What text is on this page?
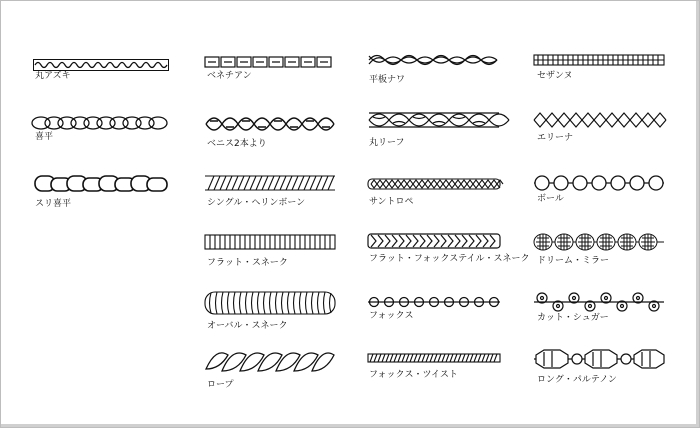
丸アズキ
喜平
スリ喜平
ベネチアン
ベニス2本より
シングル・ヘリンボーン
フラット・スネーク
オーバル・スネーク
ロープ
平板ナワ
丸リーフ
サントロペ
フラット・フォックステイル・スネーク
フォックス
フォックス・ツイスト
セザンヌ
エリーナ
ボール
ドリーム・ミラー
カット・シュガー
ロング・パルテノン
